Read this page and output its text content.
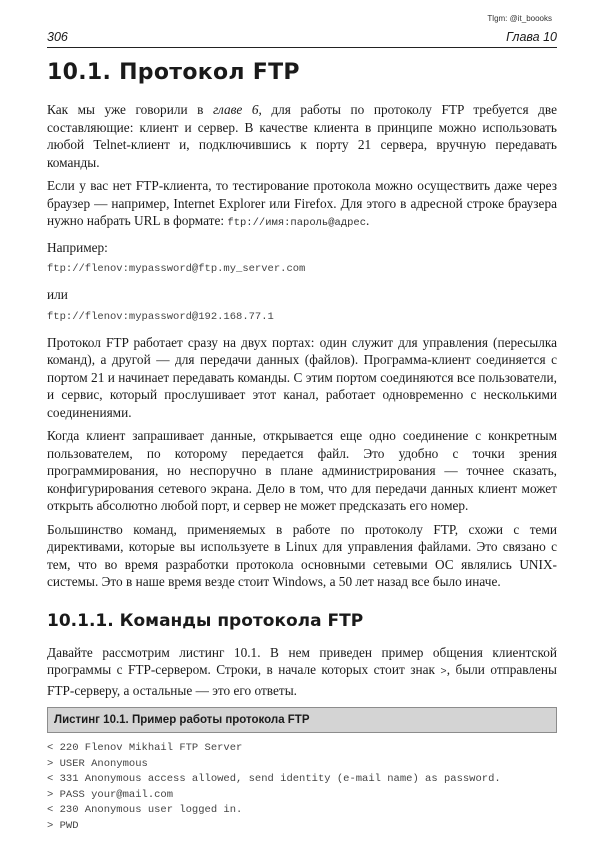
Tlgm: @it_boooks
306	Глава 10
10.1. Протокол FTP

Как мы уже говорили в главе 6, для работы по протоколу FTP требуется две составляющие: клиент и сервер. В качестве клиента в принципе можно использовать любой Telnet-клиент и, подключившись к порту 21 сервера, вручную передавать команды.

Если у вас нет FTP-клиента, то тестирование протокола можно осуществить даже через браузер — например, Internet Explorer или Firefox. Для этого в адресной строке браузера нужно набрать URL в формате: ftp://имя:пароль@адрес.

Например:

ftp://flenov:mypassword@ftp.my_server.com

или

ftp://flenov:mypassword@192.168.77.1

Протокол FTP работает сразу на двух портах: один служит для управления (пересылка команд), а другой — для передачи данных (файлов). Программа-клиент соединяется с портом 21 и начинает передавать команды. С этим портом соединяются все пользователи, и сервис, который прослушивает этот канал, работает одновременно с несколькими соединениями.

Когда клиент запрашивает данные, открывается еще одно соединение с конкретным пользователем, по которому передается файл. Это удобно с точки зрения программирования, но неспоручно в плане администрирования — точнее сказать, конфигурирования сетевого экрана. Дело в том, что для передачи данных клиент может открыть абсолютно любой порт, и сервер не может предсказать его номер.

Большинство команд, применяемых в работе по протоколу FTP, схожи с теми директивами, которые вы используете в Linux для управления файлами. Это связано с тем, что во время разработки протокола основными сетевыми ОС являлись UNIX-системы. Это в наше время везде стоит Windows, а 50 лет назад все было иначе.

10.1.1. Команды протокола FTP

Давайте рассмотрим листинг 10.1. В нем приведен пример общения клиентской программы с FTP-сервером. Строки, в начале которых стоит знак >, были отправлены FTP-серверу, а остальные — это его ответы.

Листинг 10.1. Пример работы протокола FTP
< 220 Flenov Mikhail FTP Server
> USER Anonymous
< 331 Anonymous access allowed, send identity (e-mail name) as password.
> PASS your@mail.com
< 230 Anonymous user logged in.
> PWD
